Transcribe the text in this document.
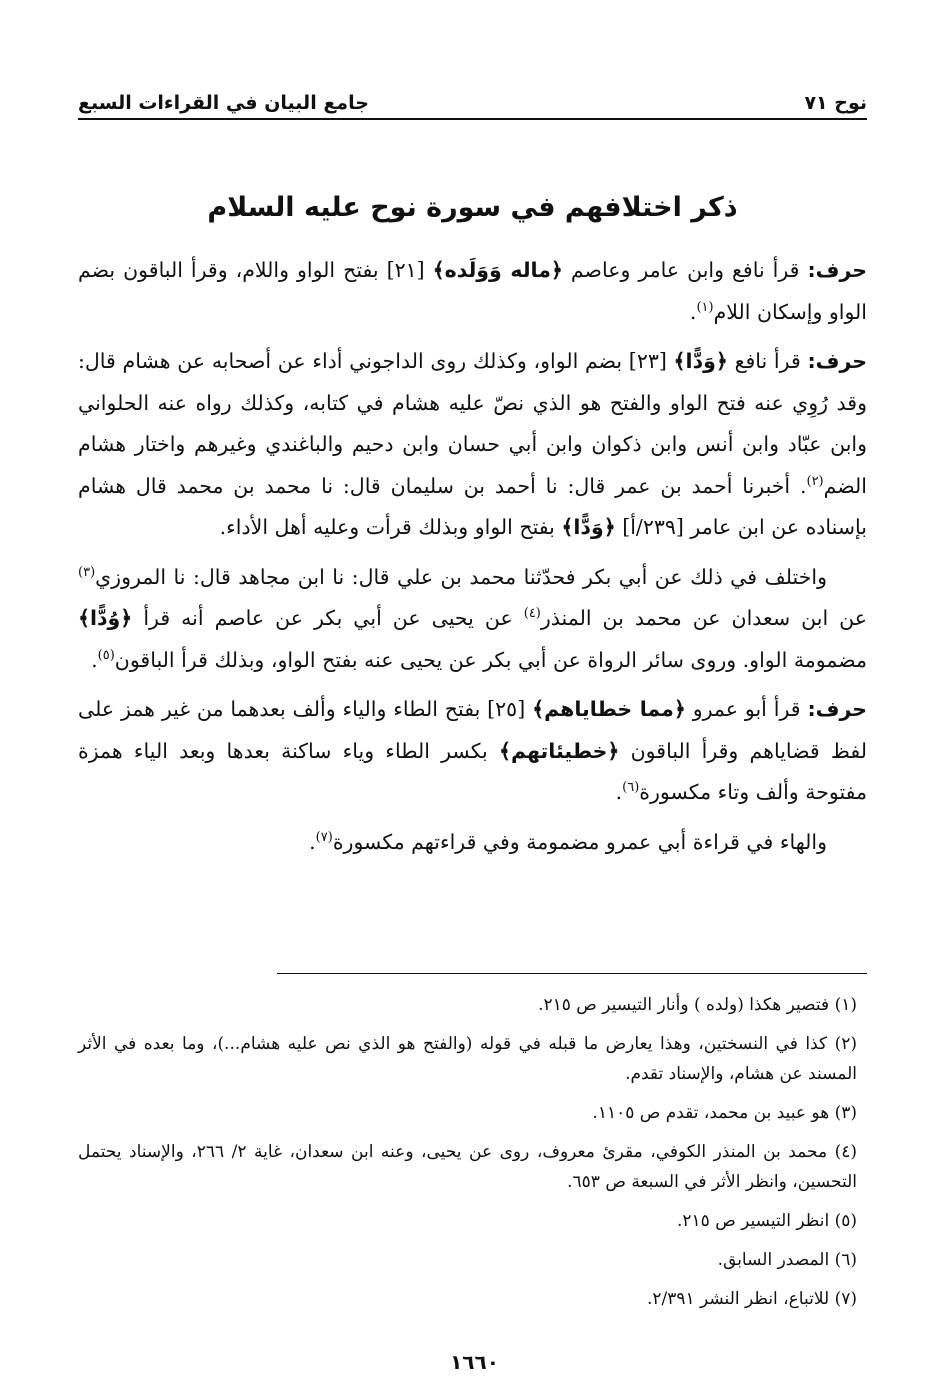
نوح ٧١
جامع البيان في القراءات السبع
ذكر اختلافهم في سورة نوح عليه السلام

حرف: قرأ نافع وابن عامر وعاصم ﴿ماله وَوَلَده﴾ [٢١] بفتح الواو واللام، وقرأ الباقون بضم الواو وإسكان اللام$^{(١)}$.

حرف: قرأ نافع ﴿وَدًّا﴾ [٢٣] بضم الواو، وكذلك روى الداجوني أداء عن أصحابه عن هشام قال: وقد رُوِي عنه فتح الواو والفتح هو الذي نصّ عليه هشام في كتابه، وكذلك رواه عنه الحلواني وابن عبّاد وابن أنس وابن ذكوان وابن أبي حسان وابن دحيم والباغندي وغيرهم واختار هشام الضم$^{(٢)}$. أخبرنا أحمد بن عمر قال: نا أحمد بن سليمان قال: نا محمد بن محمد قال هشام بإسناده عن ابن عامر [٢٣٩/أ] ﴿وَدًّا﴾ بفتح الواو وبذلك قرأت وعليه أهل الأداء.

واختلف في ذلك عن أبي بكر فحدّثنا محمد بن علي قال: نا ابن مجاهد قال: نا المروزي$^{(٣)}$ عن ابن سعدان عن محمد بن المنذر$^{(٤)}$ عن يحيى عن أبي بكر عن عاصم أنه قرأ ﴿وُدًّا﴾ مضمومة الواو. وروى سائر الرواة عن أبي بكر عن يحيى عنه بفتح الواو، وبذلك قرأ الباقون$^{(٥)}$.

حرف: قرأ أبو عمرو ﴿مما خطاياهم﴾ [٢٥] بفتح الطاء والياء وألف بعدهما من غير همز على لفظ قضاياهم وقرأ الباقون ﴿خطيئاتهم﴾ بكسر الطاء وياء ساكنة بعدها وبعد الياء همزة مفتوحة وألف وتاء مكسورة$^{(٦)}$.

والهاء في قراءة أبي عمرو مضمومة وفي قراءتهم مكسورة$^{(٧)}$.

(١) فتصير هكذا (ولده ) وأنار التيسير ص ٢١٥.
(٢) كذا في النسختين، وهذا يعارض ما قبله في قوله (والفتح هو الذي نص عليه هشام...)، وما بعده في الأثر المسند عن هشام، والإسناد تقدم.
(٣) هو عبيد بن محمد، تقدم ص ١١٠٥.
(٤) محمد بن المنذر الكوفي، مقرئ معروف، روى عن يحيى، وعنه ابن سعدان، غاية ٢/ ٢٦٦، والإسناد يحتمل التحسين، وانظر الأثر في السبعة ص ٦٥٣.
(٥) انظر التيسير ص ٢١٥.
(٦) المصدر السابق.
(٧) للاتباع، انظر النشر ٢/٣٩١.
١٦٦٠
